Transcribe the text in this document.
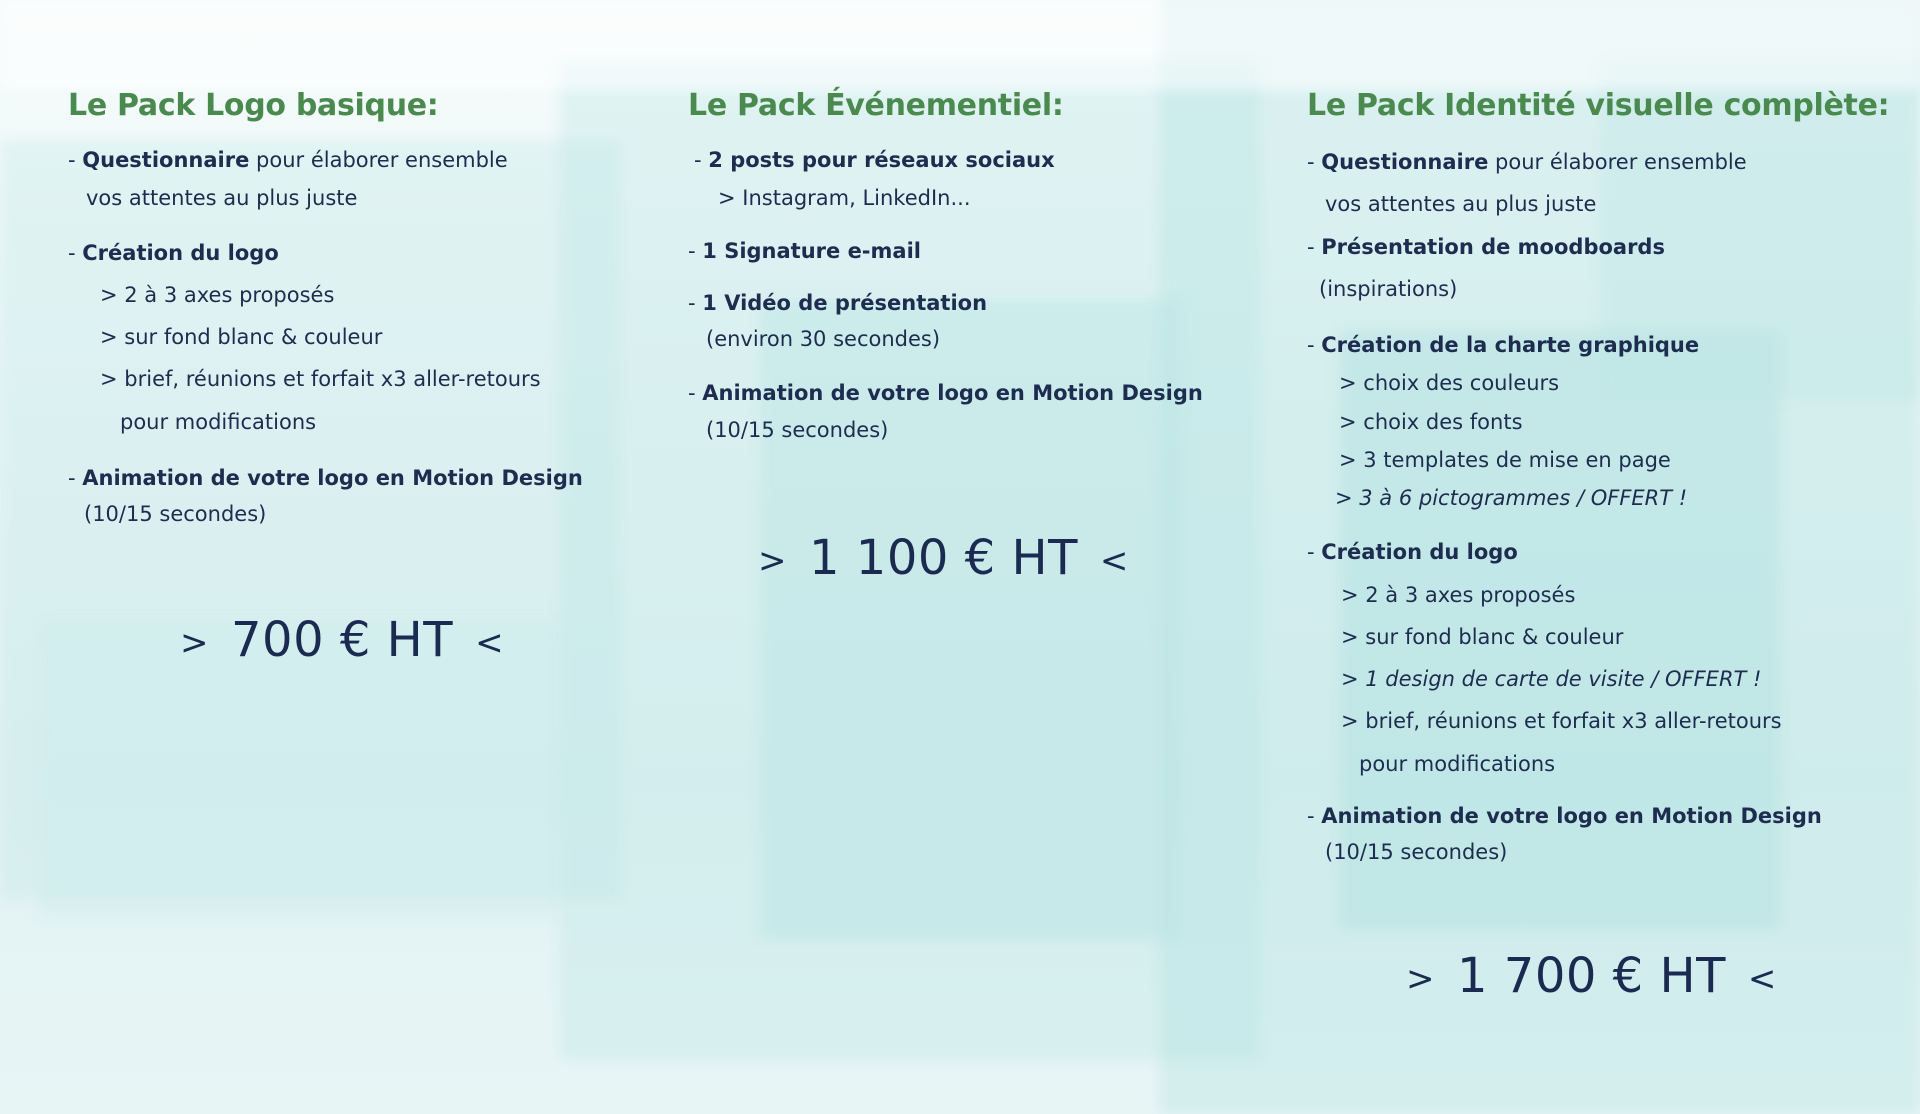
Le Pack Logo basique:
- Questionnaire pour élaborer ensemble
vos attentes au plus juste
- Création du logo
> 2 à 3 axes proposés
> sur fond blanc & couleur
> brief, réunions et forfait x3 aller-retours
pour modifications
- Animation de votre logo en Motion Design
(10/15 secondes)
> 700 € HT <
Le Pack Événementiel:
- 2 posts pour réseaux sociaux
> Instagram, LinkedIn...
- 1 Signature e-mail
- 1 Vidéo de présentation
(environ 30 secondes)
- Animation de votre logo en Motion Design
(10/15 secondes)
> 1 100 € HT <
Le Pack Identité visuelle complète:
- Questionnaire pour élaborer ensemble
vos attentes au plus juste
- Présentation de moodboards
(inspirations)
- Création de la charte graphique
> choix des couleurs
> choix des fonts
> 3 templates de mise en page
> 3 à 6 pictogrammes / OFFERT !
- Création du logo
> 2 à 3 axes proposés
> sur fond blanc & couleur
> 1 design de carte de visite / OFFERT !
> brief, réunions et forfait x3 aller-retours
pour modifications
- Animation de votre logo en Motion Design
(10/15 secondes)
> 1 700 € HT <
